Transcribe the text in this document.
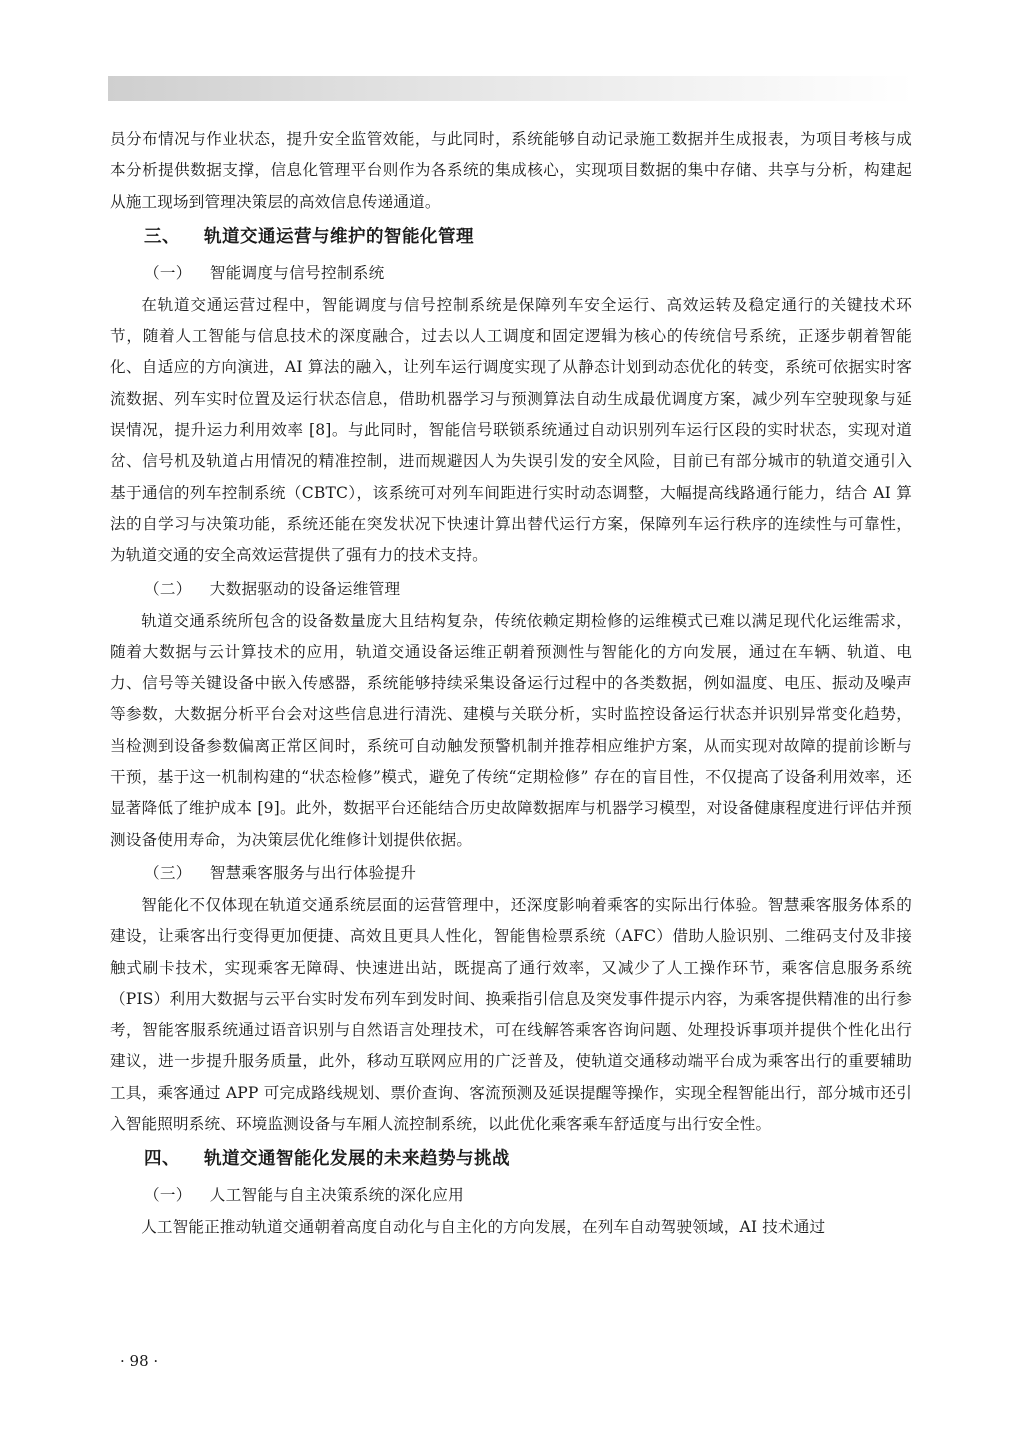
员分布情况与作业状态，提升安全监管效能，与此同时，系统能够自动记录施工数据并生成报表，为项目考核与成本分析提供数据支撑，信息化管理平台则作为各系统的集成核心，实现项目数据的集中存储、共享与分析，构建起从施工现场到管理决策层的高效信息传递通道。

三、 轨道交通运营与维护的智能化管理
（一） 智能调度与信号控制系统

在轨道交通运营过程中，智能调度与信号控制系统是保障列车安全运行、高效运转及稳定通行的关键技术环节，随着人工智能与信息技术的深度融合，过去以人工调度和固定逻辑为核心的传统信号系统，正逐步朝着智能化、自适应的方向演进，AI 算法的融入，让列车运行调度实现了从静态计划到动态优化的转变，系统可依据实时客流数据、列车实时位置及运行状态信息，借助机器学习与预测算法自动生成最优调度方案，减少列车空驶现象与延误情况，提升运力利用效率 [8]。与此同时，智能信号联锁系统通过自动识别列车运行区段的实时状态，实现对道岔、信号机及轨道占用情况的精准控制，进而规避因人为失误引发的安全风险，目前已有部分城市的轨道交通引入基于通信的列车控制系统（CBTC），该系统可对列车间距进行实时动态调整，大幅提高线路通行能力，结合 AI 算法的自学习与决策功能，系统还能在突发状况下快速计算出替代运行方案，保障列车运行秩序的连续性与可靠性，为轨道交通的安全高效运营提供了强有力的技术支持。

（二） 大数据驱动的设备运维管理

轨道交通系统所包含的设备数量庞大且结构复杂，传统依赖定期检修的运维模式已难以满足现代化运维需求，随着大数据与云计算技术的应用，轨道交通设备运维正朝着预测性与智能化的方向发展，通过在车辆、轨道、电力、信号等关键设备中嵌入传感器，系统能够持续采集设备运行过程中的各类数据，例如温度、电压、振动及噪声等参数，大数据分析平台会对这些信息进行清洗、建模与关联分析，实时监控设备运行状态并识别异常变化趋势，当检测到设备参数偏离正常区间时，系统可自动触发预警机制并推荐相应维护方案，从而实现对故障的提前诊断与干预，基于这一机制构建的“状态检修”模式，避免了传统“定期检修” 存在的盲目性，不仅提高了设备利用效率，还显著降低了维护成本 [9]。此外，数据平台还能结合历史故障数据库与机器学习模型，对设备健康程度进行评估并预测设备使用寿命，为决策层优化维修计划提供依据。

（三） 智慧乘客服务与出行体验提升

智能化不仅体现在轨道交通系统层面的运营管理中，还深度影响着乘客的实际出行体验。智慧乘客服务体系的建设，让乘客出行变得更加便捷、高效且更具人性化，智能售检票系统（AFC）借助人脸识别、二维码支付及非接触式刷卡技术，实现乘客无障碍、快速进出站，既提高了通行效率，又减少了人工操作环节，乘客信息服务系统（PIS）利用大数据与云平台实时发布列车到发时间、换乘指引信息及突发事件提示内容，为乘客提供精准的出行参考，智能客服系统通过语音识别与自然语言处理技术，可在线解答乘客咨询问题、处理投诉事项并提供个性化出行建议，进一步提升服务质量，此外，移动互联网应用的广泛普及，使轨道交通移动端平台成为乘客出行的重要辅助工具，乘客通过 APP 可完成路线规划、票价查询、客流预测及延误提醒等操作，实现全程智能出行，部分城市还引入智能照明系统、环境监测设备与车厢人流控制系统，以此优化乘客乘车舒适度与出行安全性。

四、 轨道交通智能化发展的未来趋势与挑战
（一） 人工智能与自主决策系统的深化应用

人工智能正推动轨道交通朝着高度自动化与自主化的方向发展，在列车自动驾驶领域，AI 技术通过

· 98 ·
